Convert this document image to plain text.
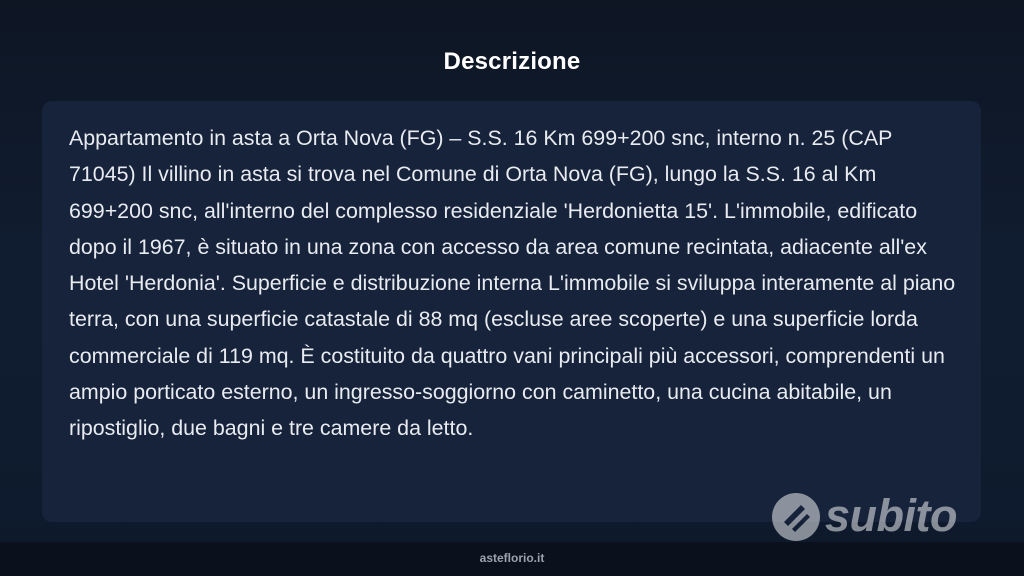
Descrizione

Appartamento in asta a Orta Nova (FG) – S.S. 16 Km 699+200 snc, interno n. 25 (CAP 71045) Il villino in asta si trova nel Comune di Orta Nova (FG), lungo la S.S. 16 al Km 699+200 snc, all'interno del complesso residenziale 'Herdonietta 15'. L'immobile, edificato dopo il 1967, è situato in una zona con accesso da area comune recintata, adiacente all'ex Hotel 'Herdonia'. Superficie e distribuzione interna L'immobile si sviluppa interamente al piano terra, con una superficie catastale di 88 mq (escluse aree scoperte) e una superficie lorda commerciale di 119 mq. È costituito da quattro vani principali più accessori, comprendenti un ampio porticato esterno, un ingresso-soggiorno con caminetto, una cucina abitabile, un ripostiglio, due bagni e tre camere da letto.

subito
asteflorio.it
